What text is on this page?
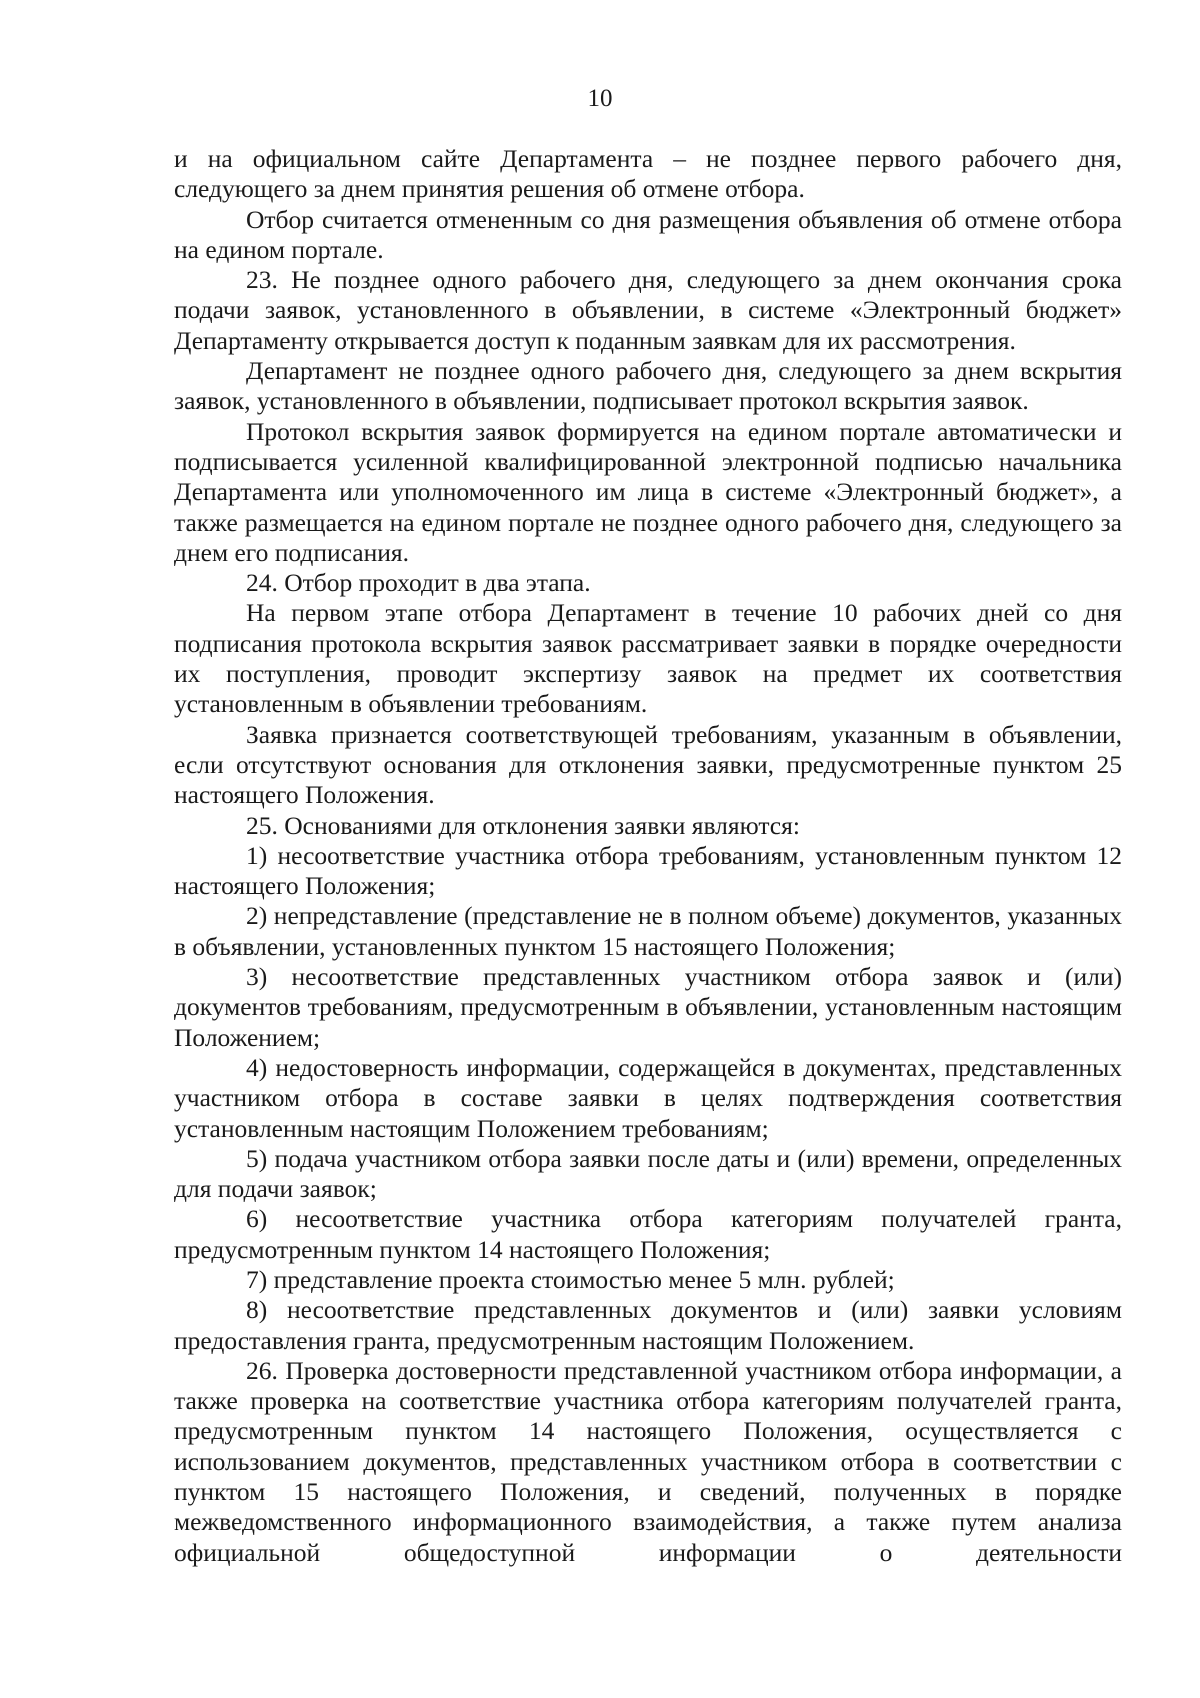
10

и на официальном сайте Департамента – не позднее первого рабочего дня, следующего за днем принятия решения об отмене отбора.

Отбор считается отмененным со дня размещения объявления об отмене отбора на едином портале.

23. Не позднее одного рабочего дня, следующего за днем окончания срока подачи заявок, установленного в объявлении, в системе «Электронный бюджет» Департаменту открывается доступ к поданным заявкам для их рассмотрения.

Департамент не позднее одного рабочего дня, следующего за днем вскрытия заявок, установленного в объявлении, подписывает протокол вскрытия заявок.

Протокол вскрытия заявок формируется на едином портале автоматически и подписывается усиленной квалифицированной электронной подписью начальника Департамента или уполномоченного им лица в системе «Электронный бюджет», а также размещается на едином портале не позднее одного рабочего дня, следующего за днем его подписания.

24. Отбор проходит в два этапа.

На первом этапе отбора Департамент в течение 10 рабочих дней со дня подписания протокола вскрытия заявок рассматривает заявки в порядке очередности их поступления, проводит экспертизу заявок на предмет их соответствия установленным в объявлении требованиям.

Заявка признается соответствующей требованиям, указанным в объявлении, если отсутствуют основания для отклонения заявки, предусмотренные пунктом 25 настоящего Положения.

25. Основаниями для отклонения заявки являются:

1) несоответствие участника отбора требованиям, установленным пунктом 12 настоящего Положения;

2) непредставление (представление не в полном объеме) документов, указанных в объявлении, установленных пунктом 15 настоящего Положения;

3) несоответствие представленных участником отбора заявок и (или) документов требованиям, предусмотренным в объявлении, установленным настоящим Положением;

4) недостоверность информации, содержащейся в документах, представленных участником отбора в составе заявки в целях подтверждения соответствия установленным настоящим Положением требованиям;

5) подача участником отбора заявки после даты и (или) времени, определенных для подачи заявок;

6) несоответствие участника отбора категориям получателей гранта, предусмотренным пунктом 14 настоящего Положения;

7) представление проекта стоимостью менее 5 млн. рублей;

8) несоответствие представленных документов и (или) заявки условиям предоставления гранта, предусмотренным настоящим Положением.

26. Проверка достоверности представленной участником отбора информации, а также проверка на соответствие участника отбора категориям получателей гранта, предусмотренным пунктом 14 настоящего Положения, осуществляется с использованием документов, представленных участником отбора в соответствии с пунктом 15 настоящего Положения, и сведений, полученных в порядке межведомственного информационного взаимодействия, а также путем анализа официальной общедоступной информации о деятельности
